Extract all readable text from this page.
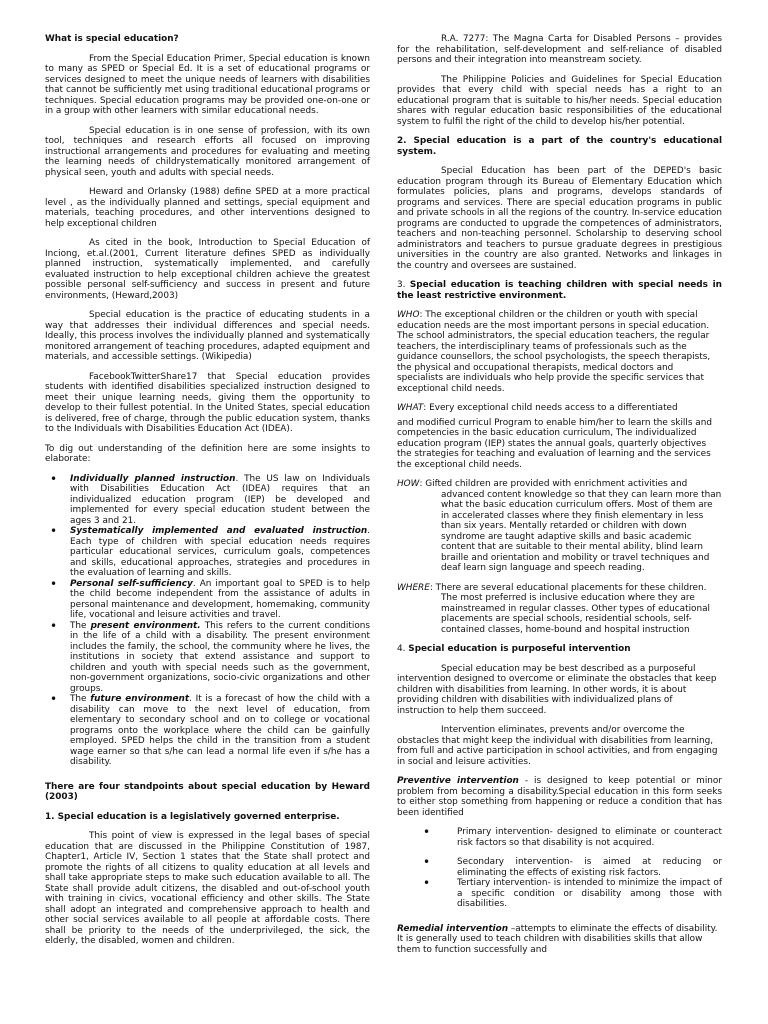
What is special education?

From the Special Education Primer, Special education is known to many as SPED or Special Ed. It is a set of educational programs or services designed to meet the unique needs of learners with disabilities that cannot be sufficiently met using traditional educational programs or techniques. Special education programs may be provided one-on-one or in a group with other learners with similar educational needs.

Special education is in one sense of profession, with its own tool, techniques and research efforts all focused on improving instructional arrangements and procedures for evaluating and meeting the learning needs of childrystematically monitored arrangement of physical seen, youth and adults with special needs.

Heward and Orlansky (1988) define SPED at a more practical level , as the individually planned and settings, special equipment and materials, teaching procedures, and other interventions designed to help exceptional children

As cited in the book, Introduction to Special Education of Inciong, et.al.(2001, Current literature defines SPED as individually planned instruction, systematically implemented, and carefully evaluated instruction to help exceptional children achieve the greatest possible personal self-sufficiency and success in present and future environments, (Heward,2003)

Special education is the practice of educating students in a way that addresses their individual differences and special needs. Ideally, this process involves the individually planned and systematically monitored arrangement of teaching procedures, adapted equipment and materials, and accessible settings. (Wikipedia)

FacebookTwitterShare17 that Special education provides students with identified disabilities specialized instruction designed to meet their unique learning needs, giving them the opportunity to develop to their fullest potential. In the United States, special education is delivered, free of charge, through the public education system, thanks to the Individuals with Disabilities Education Act (IDEA).

To dig out understanding of the definition here are some insights to elaborate:

• Individually planned instruction. The US law on Individuals with Disabilities Education Act (IDEA) requires that an individualized education program (IEP) be developed and implemented for every special education student between the ages 3 and 21.
• Systematically implemented and evaluated instruction. Each type of children with special education needs requires particular educational services, curriculum goals, competences and skills, educational approaches, strategies and procedures in the evaluation of learning and skills.
• Personal self-sufficiency. An important goal to SPED is to help the child become independent from the assistance of adults in personal maintenance and development, homemaking, community life, vocational and leisure activities and travel.
• The present environment. This refers to the current conditions in the life of a child with a disability. The present environment includes the family, the school, the community where he lives, the institutions in society that extend assistance and support to children and youth with special needs such as the government, non-government organizations, socio-civic organizations and other groups.
• The future environment. It is a forecast of how the child with a disability can move to the next level of education, from elementary to secondary school and on to college or vocational programs onto the workplace where the child can be gainfully employed. SPED helps the child in the transition from a student wage earner so that s/he can lead a normal life even if s/he has a disability.

There are four standpoints about special education by Heward (2003)

1. Special education is a legislatively governed enterprise.

This point of view is expressed in the legal bases of special education that are discussed in the Philippine Constitution of 1987, Chapter1, Article IV, Section 1 states that the State shall protect and promote the rights of all citizens to quality education at all levels and shall take appropriate steps to make such education available to all. The State shall provide adult citizens, the disabled and out-of-school youth with training in civics, vocational efficiency and other skills. The State shall adopt an integrated and comprehensive approach to health and other social services available to all people at affordable costs. There shall be priority to the needs of the underprivileged, the sick, the elderly, the disabled, women and children.

R.A. 7277: The Magna Carta for Disabled Persons – provides for the rehabilitation, self-development and self-reliance of disabled persons and their integration into meanstream society.

The Philippine Policies and Guidelines for Special Education provides that every child with special needs has a right to an educational program that is suitable to his/her needs. Special education shares with regular education basic responsibilities of the educational system to fulfil the right of the child to develop his/her potential.

2. Special education is a part of the country's educational system.

Special Education has been part of the DEPED's basic education program through its Bureau of Elementary Education which formulates policies, plans and programs, develops standards of programs and services. There are special education programs in public and private schools in all the regions of the country. In-service education programs are conducted to upgrade the competences of administrators, teachers and non-teaching personnel. Scholarship to deserving school administrators and teachers to pursue graduate degrees in prestigious universities in the country are also granted. Networks and linkages in the country and oversees are sustained.

3. Special education is teaching children with special needs in the least restrictive environment.

WHO: The exceptional children or the children or youth with special education needs are the most important persons in special education. The school administrators, the special education teachers, the regular teachers, the interdisciplinary teams of professionals such as the guidance counsellors, the school psychologists, the speech therapists, the physical and occupational therapists, medical doctors and specialists are individuals who help provide the specific services that exceptional child needs.

WHAT: Every exceptional child needs access to a differentiated

and modified curricul Program to enable him/her to learn the skills and competencies in the basic education curriculum, The individualized education program (IEP) states the annual goals, quarterly objectives the strategies for teaching and evaluation of learning and the services the exceptional child needs.

HOW: Gifted children are provided with enrichment activities and advanced content knowledge so that they can learn more than what the basic education curriculum offers. Most of them are in accelerated classes where they finish elementary in less than six years. Mentally retarded or children with down syndrome are taught adaptive skills and basic academic content that are suitable to their mental ability, blind learn braille and orientation and mobility or travel techniques and deaf learn sign language and speech reading.

WHERE: There are several educational placements for these children. The most preferred is inclusive education where they are mainstreamed in regular classes. Other types of educational placements are special schools, residential schools, self-contained classes, home-bound and hospital instruction

4. Special education is purposeful intervention

Special education may be best described as a purposeful intervention designed to overcome or eliminate the obstacles that keep children with disabilities from learning. In other words, it is about providing children with disabilities with individualized plans of instruction to help them succeed.

Intervention eliminates, prevents and/or overcome the obstacles that might keep the individual with disabilities from learning, from full and active participation in school activities, and from engaging in social and leisure activities.

Preventive intervention - is designed to keep potential or minor problem from becoming a disability.Special education in this form seeks to either stop something from happening or reduce a condition that has been identified

• Primary intervention- designed to eliminate or counteract risk factors so that disability is not acquired.
• Secondary intervention- is aimed at reducing or eliminating the effects of existing risk factors.
• Tertiary intervention- is intended to minimize the impact of a specific condition or disability among those with disabilities.

Remedial intervention –attempts to eliminate the effects of disability. It is generally used to teach children with disabilities skills that allow them to function successfully and
